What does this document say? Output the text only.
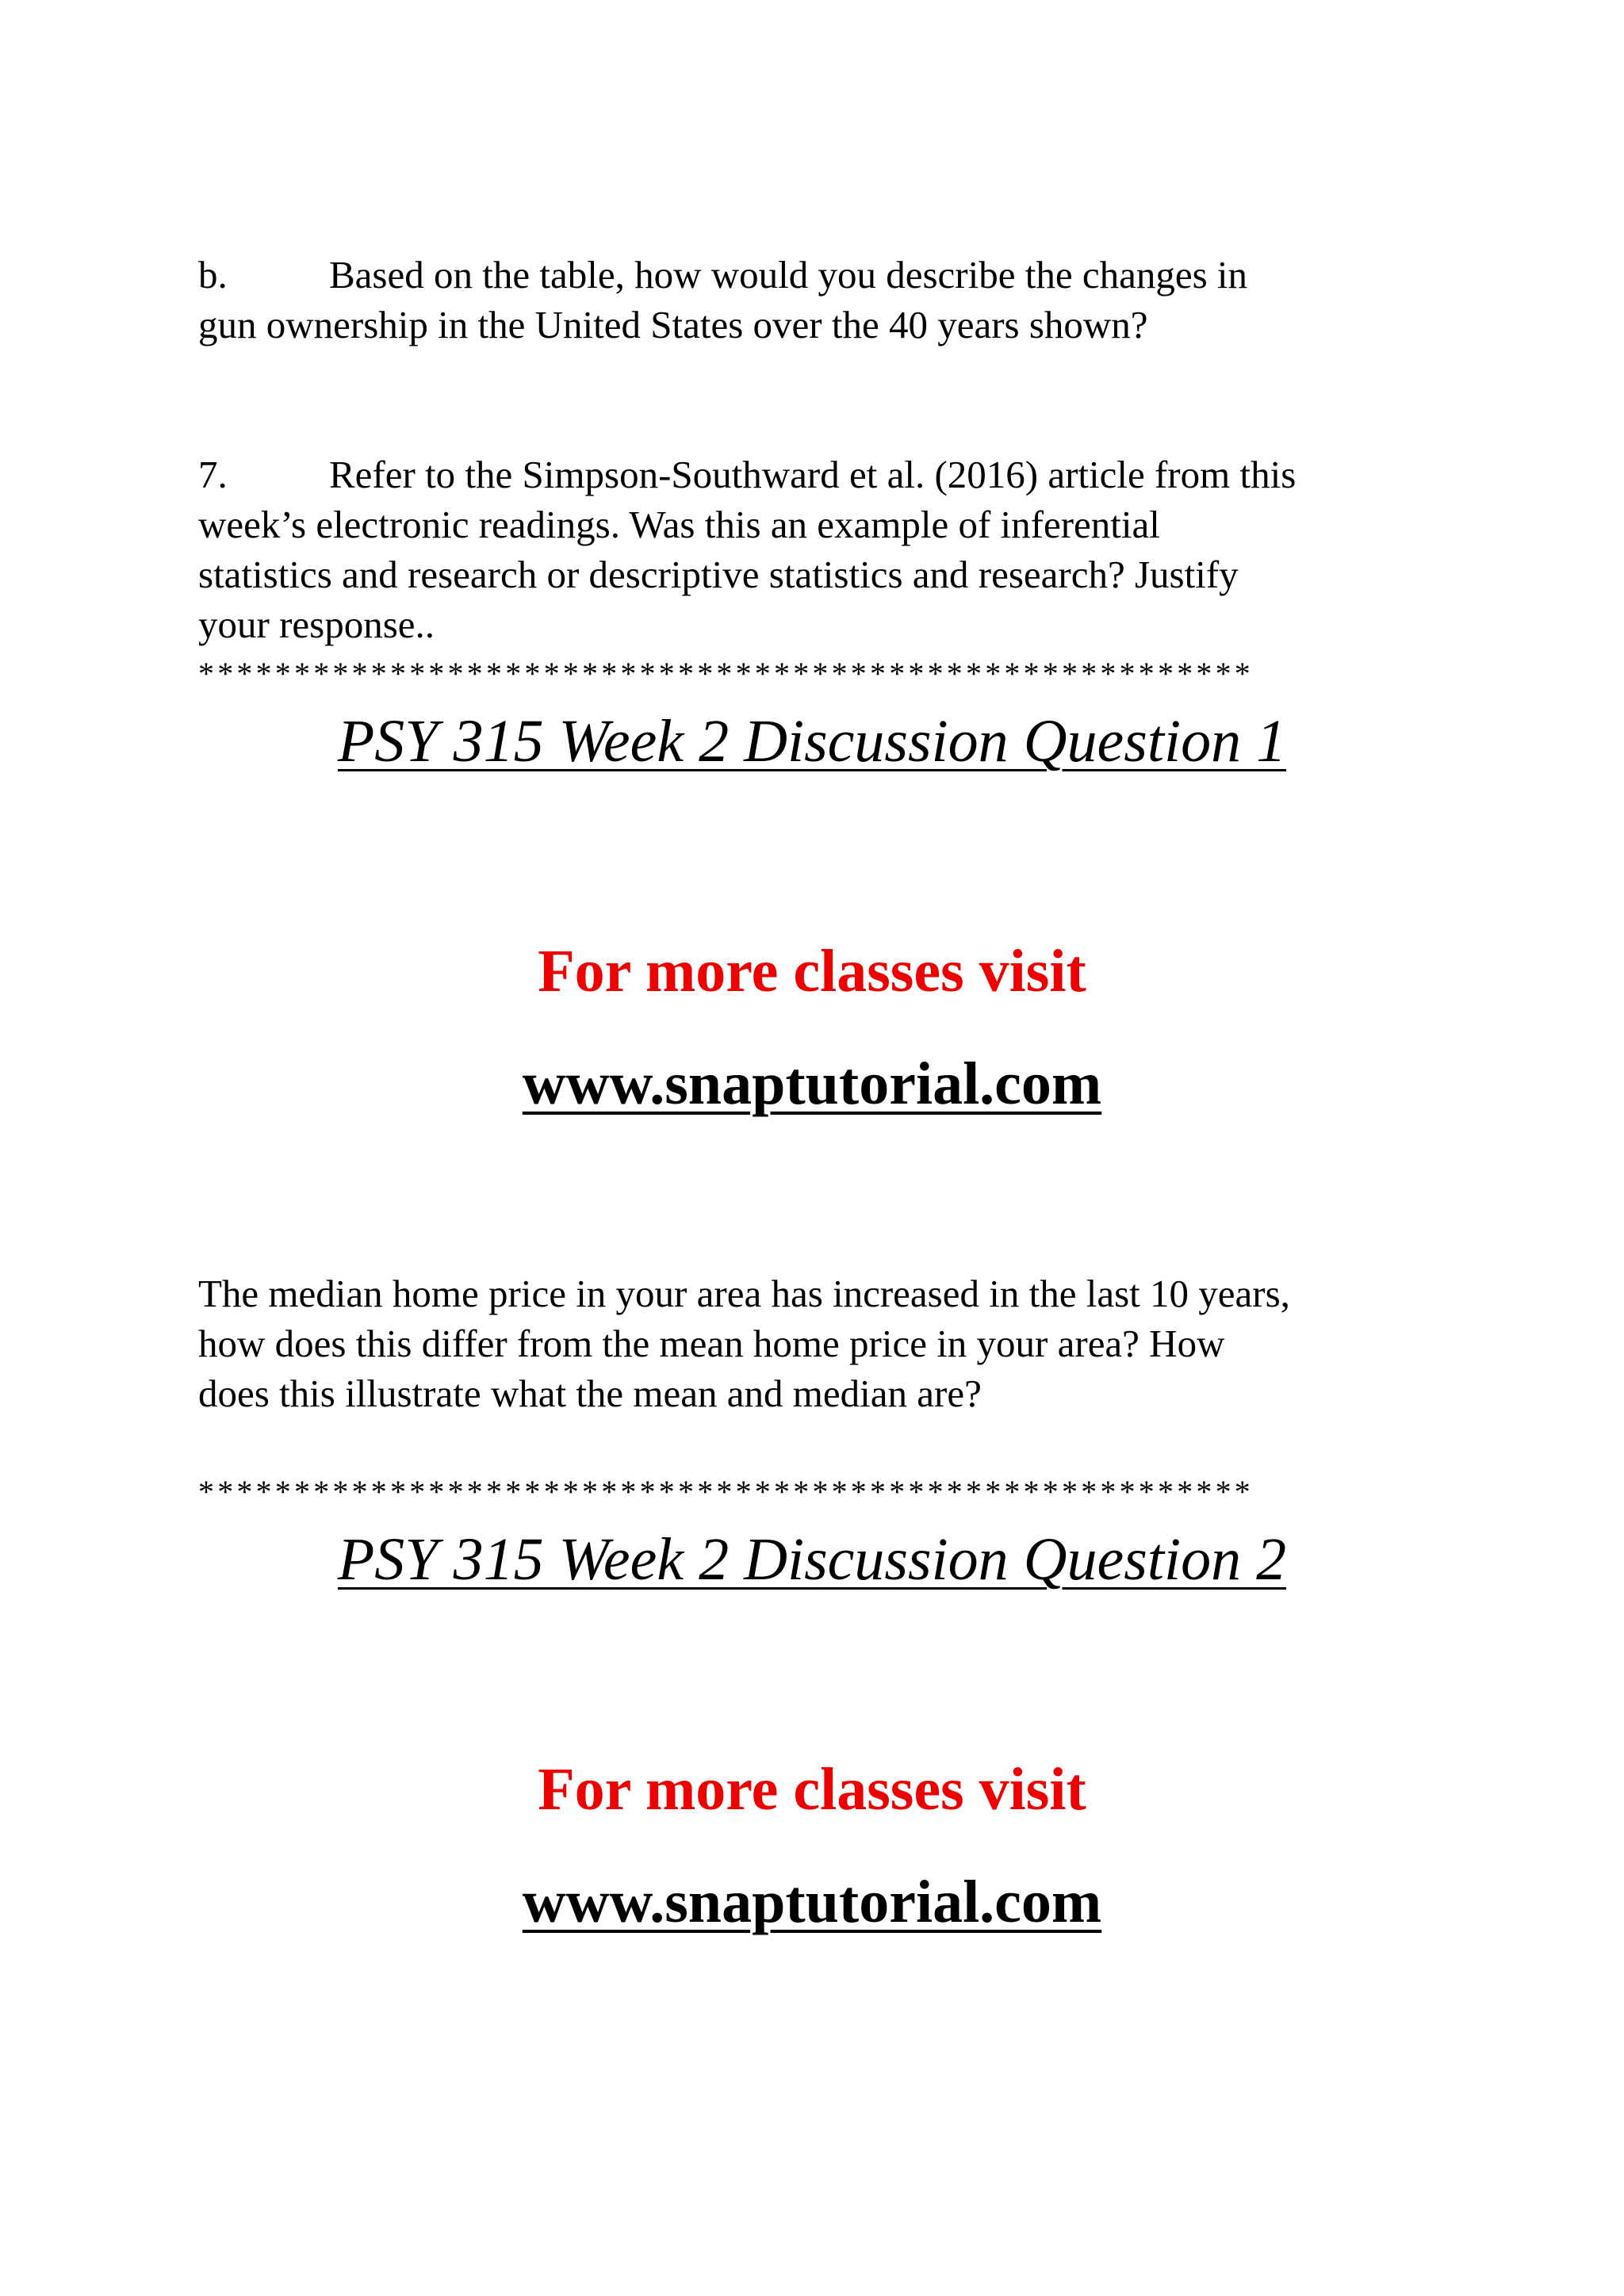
b.	Based on the table, how would you describe the changes in
gun ownership in the United States over the 40 years shown?
7.	Refer to the Simpson-Southward et al. (2016) article from this
week’s electronic readings. Was this an example of inferential
statistics and research or descriptive statistics and research? Justify
your response..
*******************************************************
PSY 315 Week 2 Discussion Question 1
For more classes visit
www.snaptutorial.com
The median home price in your area has increased in the last 10 years,
how does this differ from the mean home price in your area? How
does this illustrate what the mean and median are?
*******************************************************
PSY 315 Week 2 Discussion Question 2
For more classes visit
www.snaptutorial.com
